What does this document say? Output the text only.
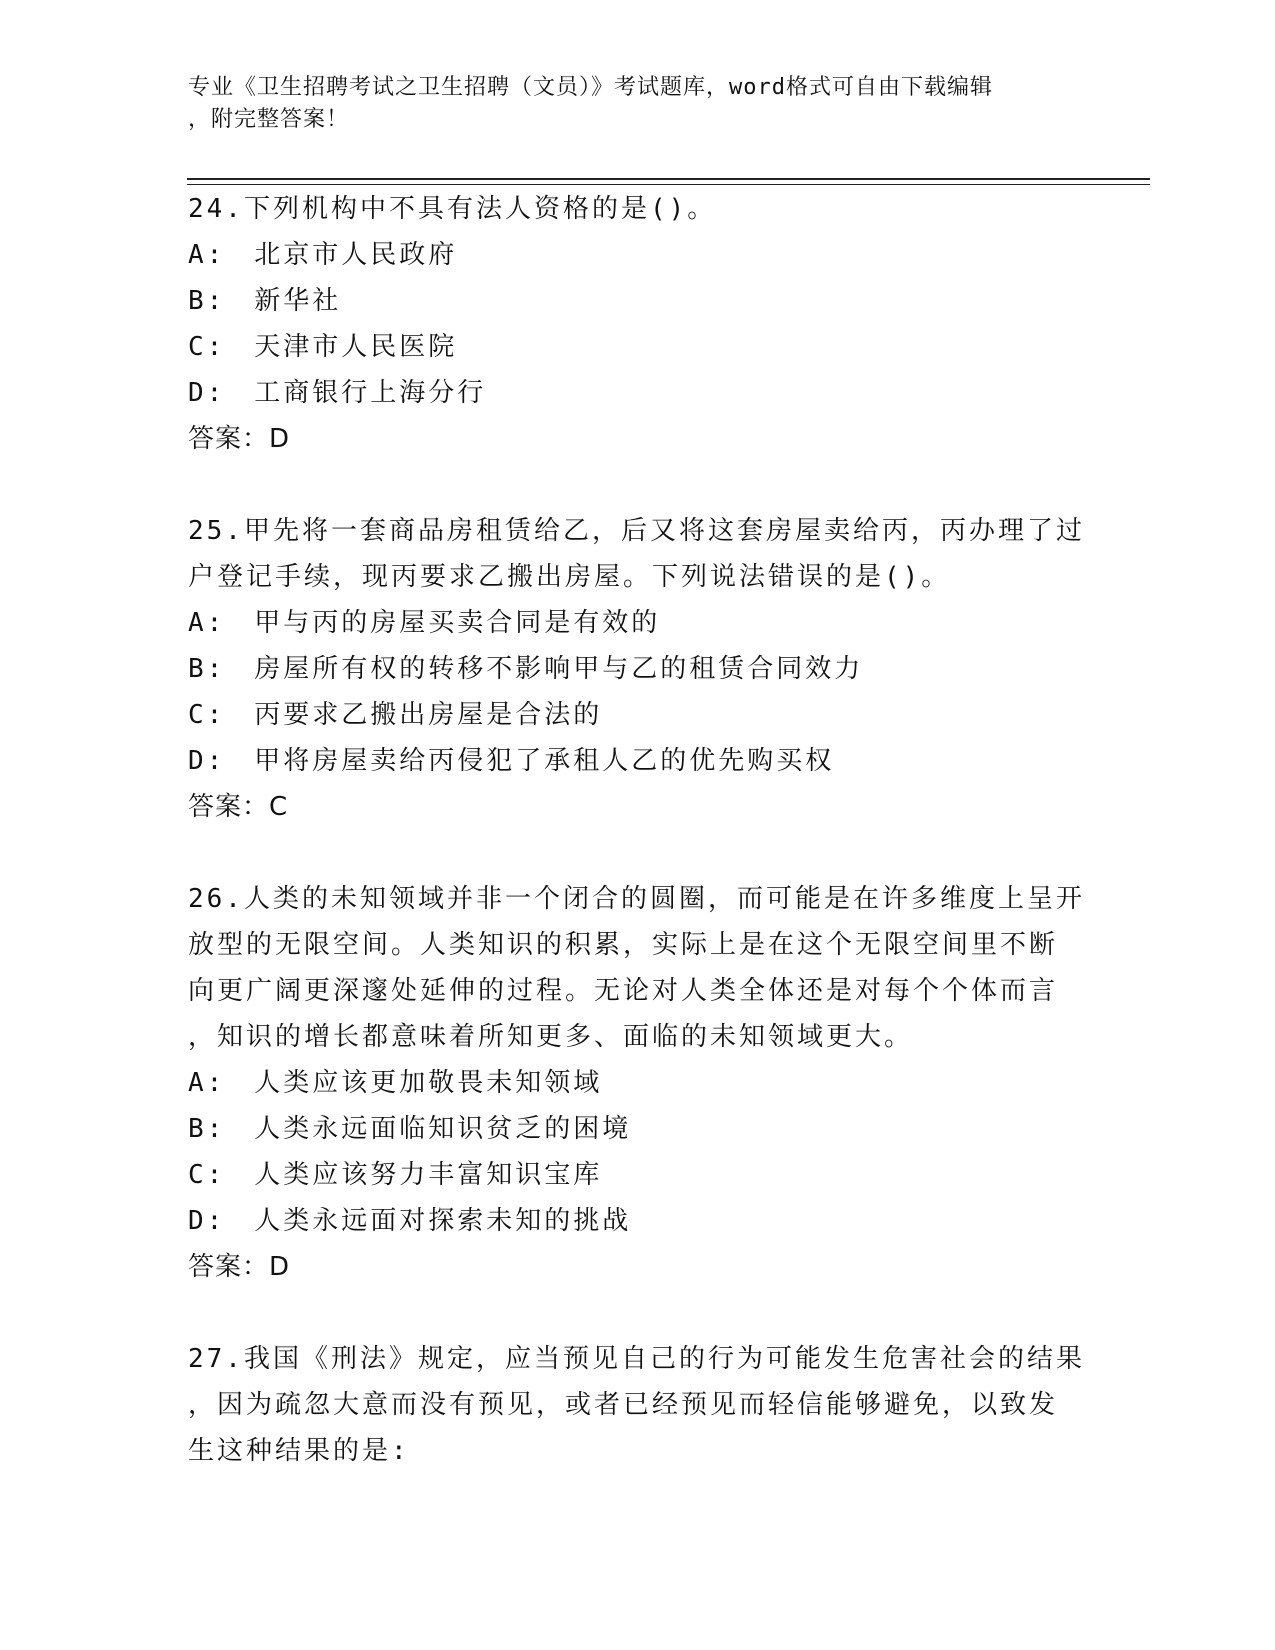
专业《卫生招聘考试之卫生招聘（文员）》考试题库，word格式可自由下载编辑
，附完整答案！
24.下列机构中不具有法人资格的是()。
A:　北京市人民政府
B:　新华社
C:　天津市人民医院
D:　工商银行上海分行
答案：D
25.甲先将一套商品房租赁给乙，后又将这套房屋卖给丙，丙办理了过
户登记手续，现丙要求乙搬出房屋。下列说法错误的是()。
A:　甲与丙的房屋买卖合同是有效的
B:　房屋所有权的转移不影响甲与乙的租赁合同效力
C:　丙要求乙搬出房屋是合法的
D:　甲将房屋卖给丙侵犯了承租人乙的优先购买权
答案：C
26.人类的未知领域并非一个闭合的圆圈，而可能是在许多维度上呈开
放型的无限空间。人类知识的积累，实际上是在这个无限空间里不断
向更广阔更深邃处延伸的过程。无论对人类全体还是对每个个体而言
，知识的增长都意味着所知更多、面临的未知领域更大。
A:　人类应该更加敬畏未知领域
B:　人类永远面临知识贫乏的困境
C:　人类应该努力丰富知识宝库
D:　人类永远面对探索未知的挑战
答案：D
27.我国《刑法》规定，应当预见自己的行为可能发生危害社会的结果
，因为疏忽大意而没有预见，或者已经预见而轻信能够避免，以致发
生这种结果的是:
